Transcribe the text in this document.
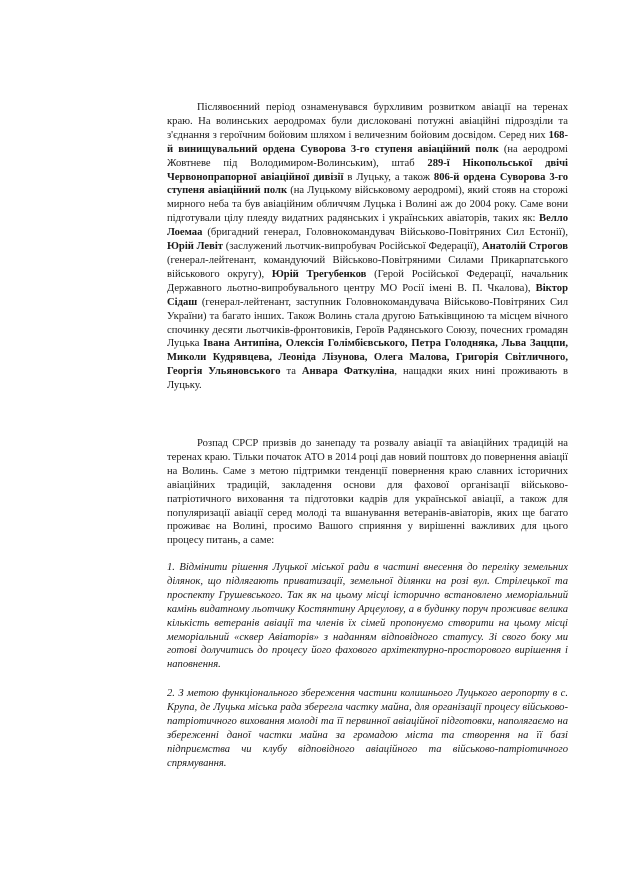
Післявоєнний період ознаменувався бурхливим розвитком авіації на теренах краю. На волинських аеродромах були дислоковані потужні авіаційні підрозділи та з'єднання з героїчним бойовим шляхом і величезним бойовим досвідом. Серед них 168-й винищувальний ордена Суворова 3-го ступеня авіаційний полк (на аеродромі Жовтневе під Володимиром-Волинським), штаб 289-ї Нікопольської двічі Червонопрапорної авіаційної дивізії в Луцьку, а також 806-й ордена Суворова 3-го ступеня авіаційний полк (на Луцькому військовому аеродромі), який стояв на сторожі мирного неба та був авіаційним обличчям Луцька і Волині аж до 2004 року. Саме вони підготували цілу плеяду видатних радянських і українських авіаторів, таких як: Велло Лоемаа (бригадний генерал, Головнокомандувач Військово-Повітряних Сил Естонії), Юрій Левіт (заслужений льотчик-випробувач Російської Федерації), Анатолій Строгов (генерал-лейтенант, командуючий Військово-Повітряними Силами Прикарпатського військового округу), Юрій Трегубенков (Герой Російської Федерації, начальник Державного льотно-випробувального центру МО Росії імені В. П. Чкалова), Віктор Сідаш (генерал-лейтенант, заступник Головнокомандувача Військово-Повітряних Сил України) та багато інших. Також Волинь стала другою Батьківщиною та місцем вічного спочинку десяти льотчиків-фронтовиків, Героїв Радянського Союзу, почесних громадян Луцька Івана Антипіна, Олексія Голімбієвського, Петра Голодняка, Льва Заццпи, Миколи Кудрявцева, Леоніда Лізунова, Олега Малова, Григорія Світличного, Георгія Ульяновського та Анвара Фаткуліна, нащадки яких нині проживають в Луцьку.

Розпад СРСР призвів до занепаду та розвалу авіації та авіаційних традицій на теренах краю. Тільки початок АТО в 2014 році дав новий поштовх до повернення авіації на Волинь. Саме з метою підтримки тенденції повернення краю славних історичних авіаційних традицій, закладення основи для фахової організації військово-патріотичного виховання та підготовки кадрів для української авіації, а також для популяризації авіації серед молоді та вшанування ветеранів-авіаторів, яких ще багато проживає на Волині, просимо Вашого сприяння у вирішенні важливих для цього процесу питань, а саме:

1. Відмінити рішення Луцької міської ради в частині внесення до переліку земельних ділянок, що підлягають приватизації, земельної ділянки на розі вул. Стрілецької та проспекту Грушевського. Так як на цьому місці історично встановлено меморіальний камінь видатному льотчику Костянтину Арцеулову, а в будинку поруч проживає велика кількість ветеранів авіації та членів їх сімей пропонуємо створити на цьому місці меморіальний «сквер Авіаторів» з наданням відповідного статусу. Зі свого боку ми готові долучитись до процесу його фахового архітектурно-просторового вирішення і наповнення.

2. З метою функціонального збереження частини колишнього Луцького аеропорту в с. Крупа, де Луцька міська рада зберегла частку майна, для організації процесу військово-патріотичного виховання молоді та її первинної авіаційної підготовки, наполягаємо на збереженні даної частки майна за громадою міста та створення на її базі підприємства чи клубу відповідного авіаційного та військово-патріотичного спрямування.
